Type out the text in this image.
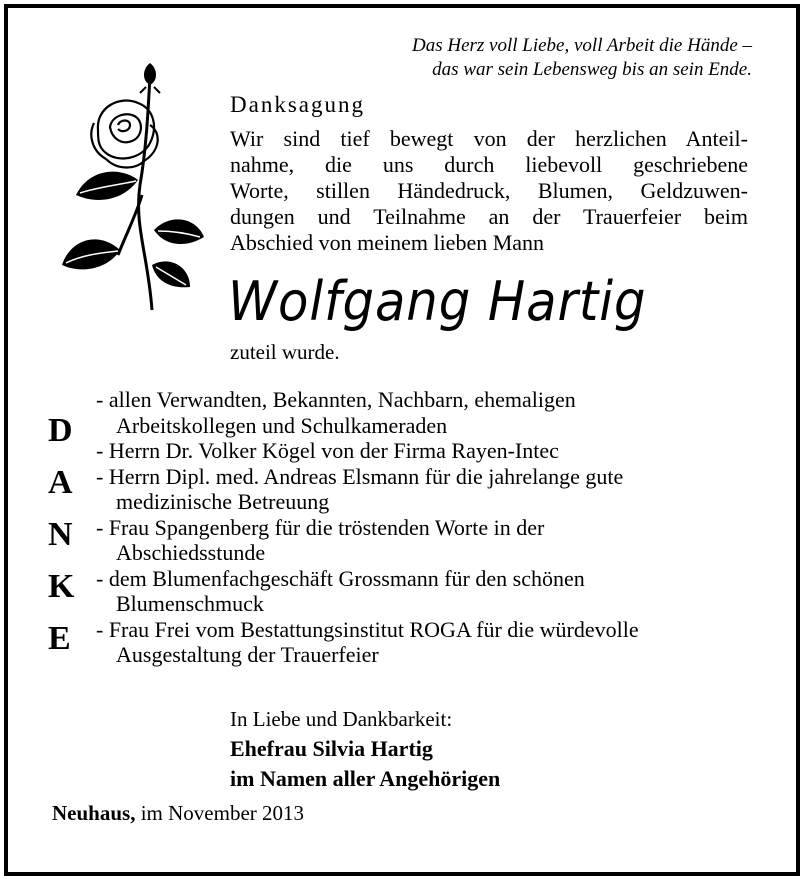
Das Herz voll Liebe, voll Arbeit die Hände –
das war sein Lebensweg bis an sein Ende.
Danksagung
Wir sind tief bewegt von der herzlichen Anteil-
nahme, die uns durch liebevoll geschriebene
Worte, stillen Händedruck, Blumen, Geldzuwen-
dungen und Teilnahme an der Trauerfeier beim
Abschied von meinem lieben Mann
Wolfgang Hartig
zuteil wurde.
D
A
N
K
E
- allen Verwandten, Bekannten, Nachbarn, ehemaligen
Arbeitskollegen und Schulkameraden
- Herrn Dr. Volker Kögel von der Firma Rayen-Intec
- Herrn Dipl. med. Andreas Elsmann für die jahrelange gute
medizinische Betreuung
- Frau Spangenberg für die tröstenden Worte in der
Abschiedsstunde
- dem Blumenfachgeschäft Grossmann für den schönen
Blumenschmuck
- Frau Frei vom Bestattungsinstitut ROGA für die würdevolle
Ausgestaltung der Trauerfeier
In Liebe und Dankbarkeit:
Ehefrau Silvia Hartig
im Namen aller Angehörigen
Neuhaus, im November 2013
